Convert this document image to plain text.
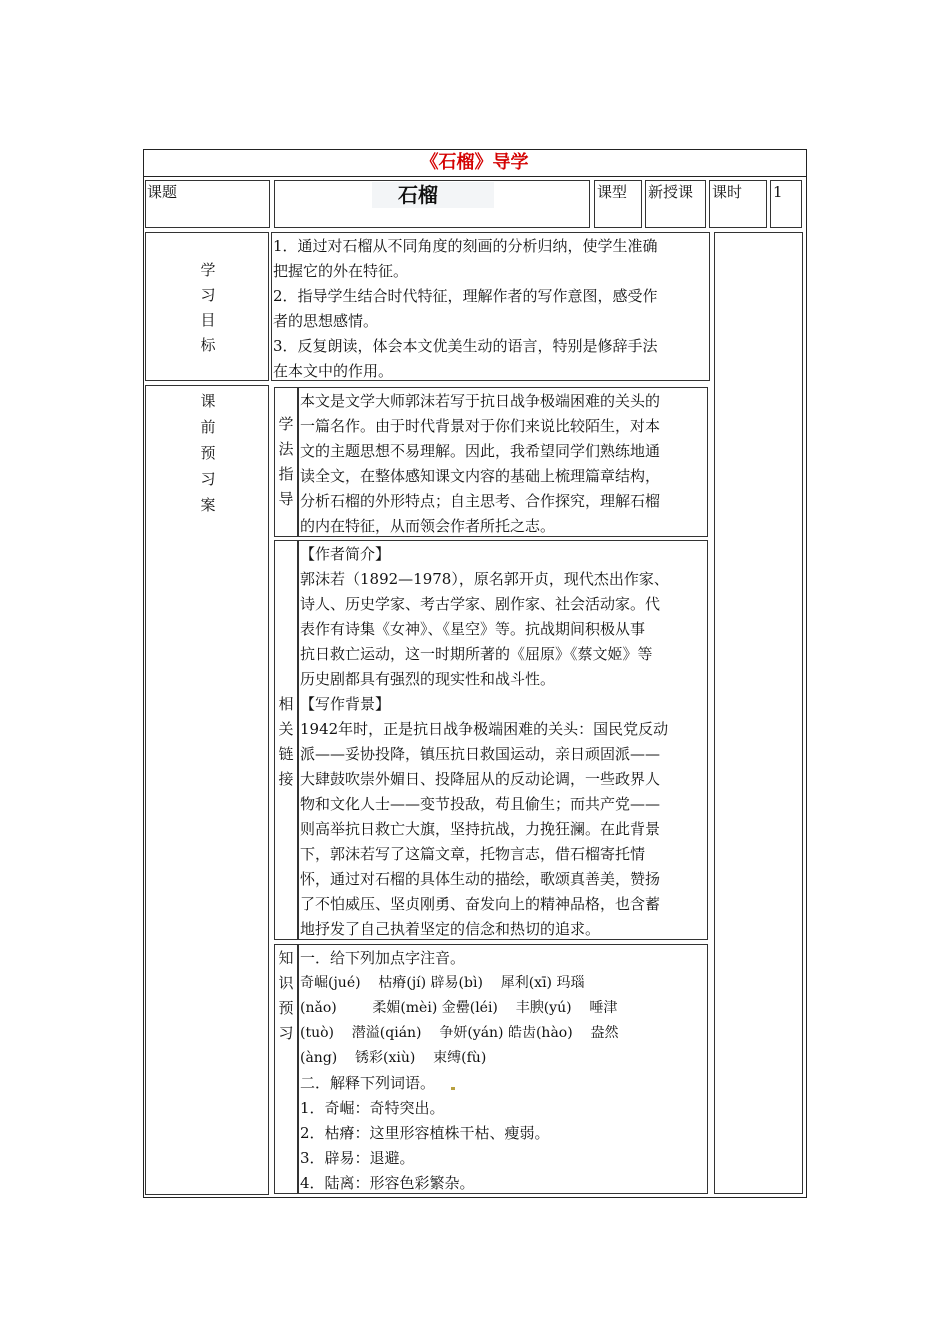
《石榴》导学
课题	石榴	课型 新授课 课时 1
学
习
目
标
1．通过对石榴从不同角度的刻画的分析归纳，使学生准确
把握它的外在特征。
2．指导学生结合时代特征，理解作者的写作意图，感受作
者的思想感情。
3．反复朗读，体会本文优美生动的语言，特别是修辞手法
在本文中的作用。
课
前
预
习
案
学
法
指
导
本文是文学大师郭沫若写于抗日战争极端困难的关头的
一篇名作。由于时代背景对于你们来说比较陌生，对本
文的主题思想不易理解。因此，我希望同学们熟练地通
读全文，在整体感知课文内容的基础上梳理篇章结构，
分析石榴的外形特点；自主思考、合作探究，理解石榴
的内在特征，从而领会作者所托之志。
相
关
链
接
【作者简介】
郭沫若（1892—1978），原名郭开贞，现代杰出作家、
诗人、历史学家、考古学家、剧作家、社会活动家。代
表作有诗集《女神》、《星空》等。抗战期间积极从事
抗日救亡运动，这一时期所著的《屈原》《蔡文姬》等
历史剧都具有强烈的现实性和战斗性。
【写作背景】
1942年时，正是抗日战争极端困难的关头：国民党反动
派——妥协投降，镇压抗日救国运动，亲日顽固派——
大肆鼓吹崇外媚日、投降屈从的反动论调，一些政界人
物和文化人士——变节投敌，苟且偷生；而共产党——
则高举抗日救亡大旗，坚持抗战，力挽狂澜。在此背景
下，郭沫若写了这篇文章，托物言志，借石榴寄托情
怀，通过对石榴的具体生动的描绘，歌颂真善美，赞扬
了不怕威压、坚贞刚勇、奋发向上的精神品格，也含蓄
地抒发了自己执着坚定的信念和热切的追求。
知
识
预
习
一．给下列加点字注音。
奇崛(jué)    枯瘠(jí) 辟易(bì)    犀利(xī) 玛瑙
(nǎo)        柔媚(mèi) 金罍(léi)    丰腴(yú)    唾津
(tuò)    潜溢(qián)    争妍(yán) 皓齿(hào)    盎然
(àng)    锈彩(xiù)    束缚(fù)
二．解释下列词语。
1．奇崛：奇特突出。
2．枯瘠：这里形容植株干枯、瘦弱。
3．辟易：退避。
4．陆离：形容色彩繁杂。
